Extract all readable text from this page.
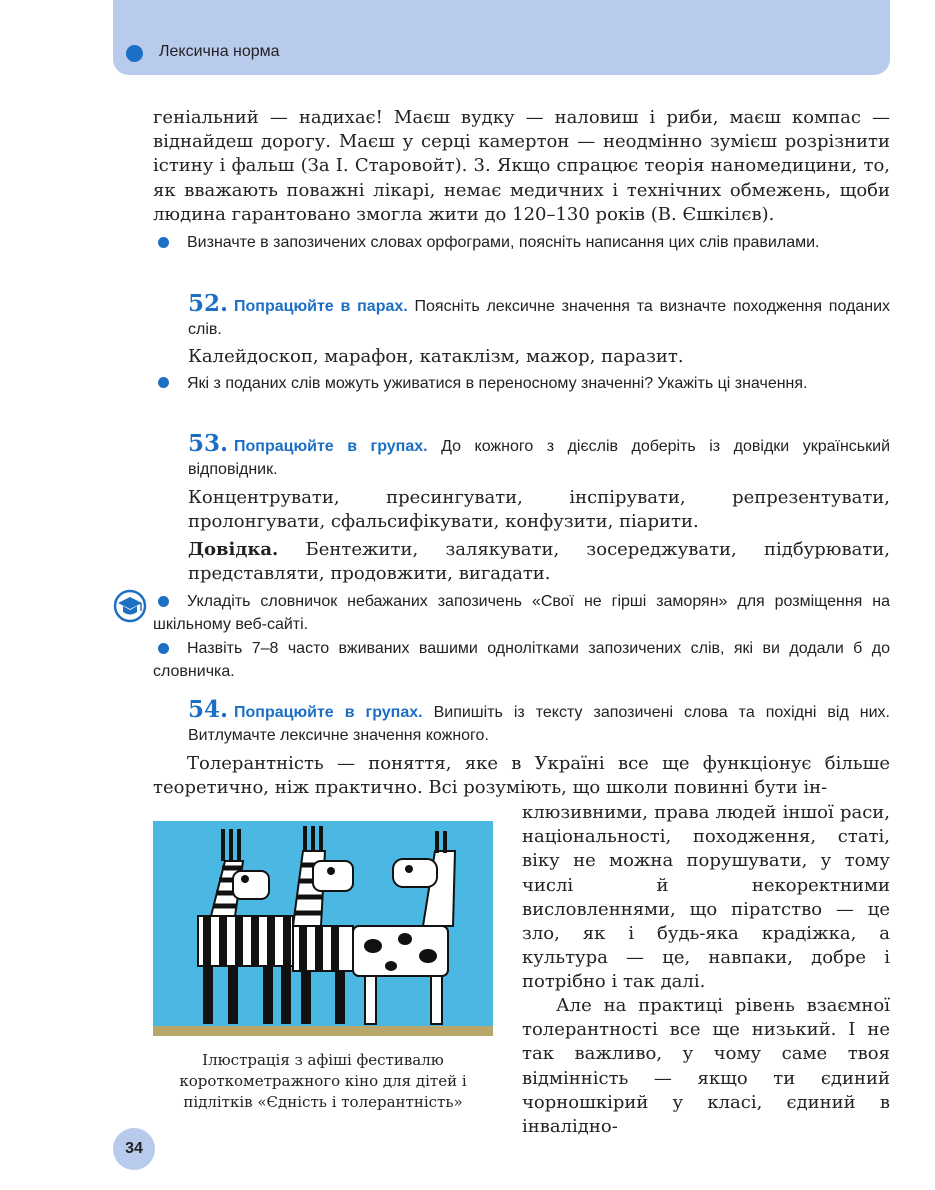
Лексична норма

геніальний — надихає! Маєш вудку — наловиш і риби, маєш компас — віднайдеш дорогу. Маєш у серці камертон — неодмінно зумієш розрізнити істину і фальш (За І. Старовойт). 3. Якщо спрацює теорія наномедицини, то, як вважають поважні лікарі, немає медичних і технічних обмежень, щоби людина гарантовано змогла жити до 120–130 років (В. Єшкілєв).

Визначте в запозичених словах орфограми, поясніть написання цих слів правилами.

52. Попрацюйте в парах. Поясніть лексичне значення та визначте походження поданих слів.

Калейдоскоп, марафон, катаклізм, мажор, паразит.

Які з поданих слів можуть уживатися в переносному значенні? Укажіть ці значення.

53. Попрацюйте в групах. До кожного з дієслів доберіть із довідки український відповідник.

Концентрувати, пресингувати, інспірувати, репрезентувати, пролонгувати, сфальсифікувати, конфузити, піарити.

Довідка. Бентежити, залякувати, зосереджувати, підбурювати, представляти, продовжити, вигадати.

Укладіть словничок небажаних запозичень «Свої не гірші заморян» для розміщення на шкільному веб-сайті.

Назвіть 7–8 часто вживаних вашими однолітками запозичених слів, які ви додали б до словничка.

54. Попрацюйте в групах. Випишіть із тексту запозичені слова та похідні від них. Витлумачте лексичне значення кожного.

Толерантність — поняття, яке в Україні все ще функціонує більше теоретично, ніж практично. Всі розуміють, що школи повинні бути ін-

Ілюстрація з афіші фестивалю короткометражного кіно для дітей і підлітків «Єдність і толерантність»

клюзивними, права людей іншої раси, національності, походження, статі, віку не можна порушувати, у тому числі й некоректними висловленнями, що піратство — це зло, як і будь-яка крадіжка, а культура — це, навпаки, добре і потрібно і так далі.

Але на практиці рівень взаємної толерантності все ще низький. І не так важливо, у чому саме твоя відмінність — якщо ти єдиний чорношкірий у класі, єдиний в інвалідно-

34
